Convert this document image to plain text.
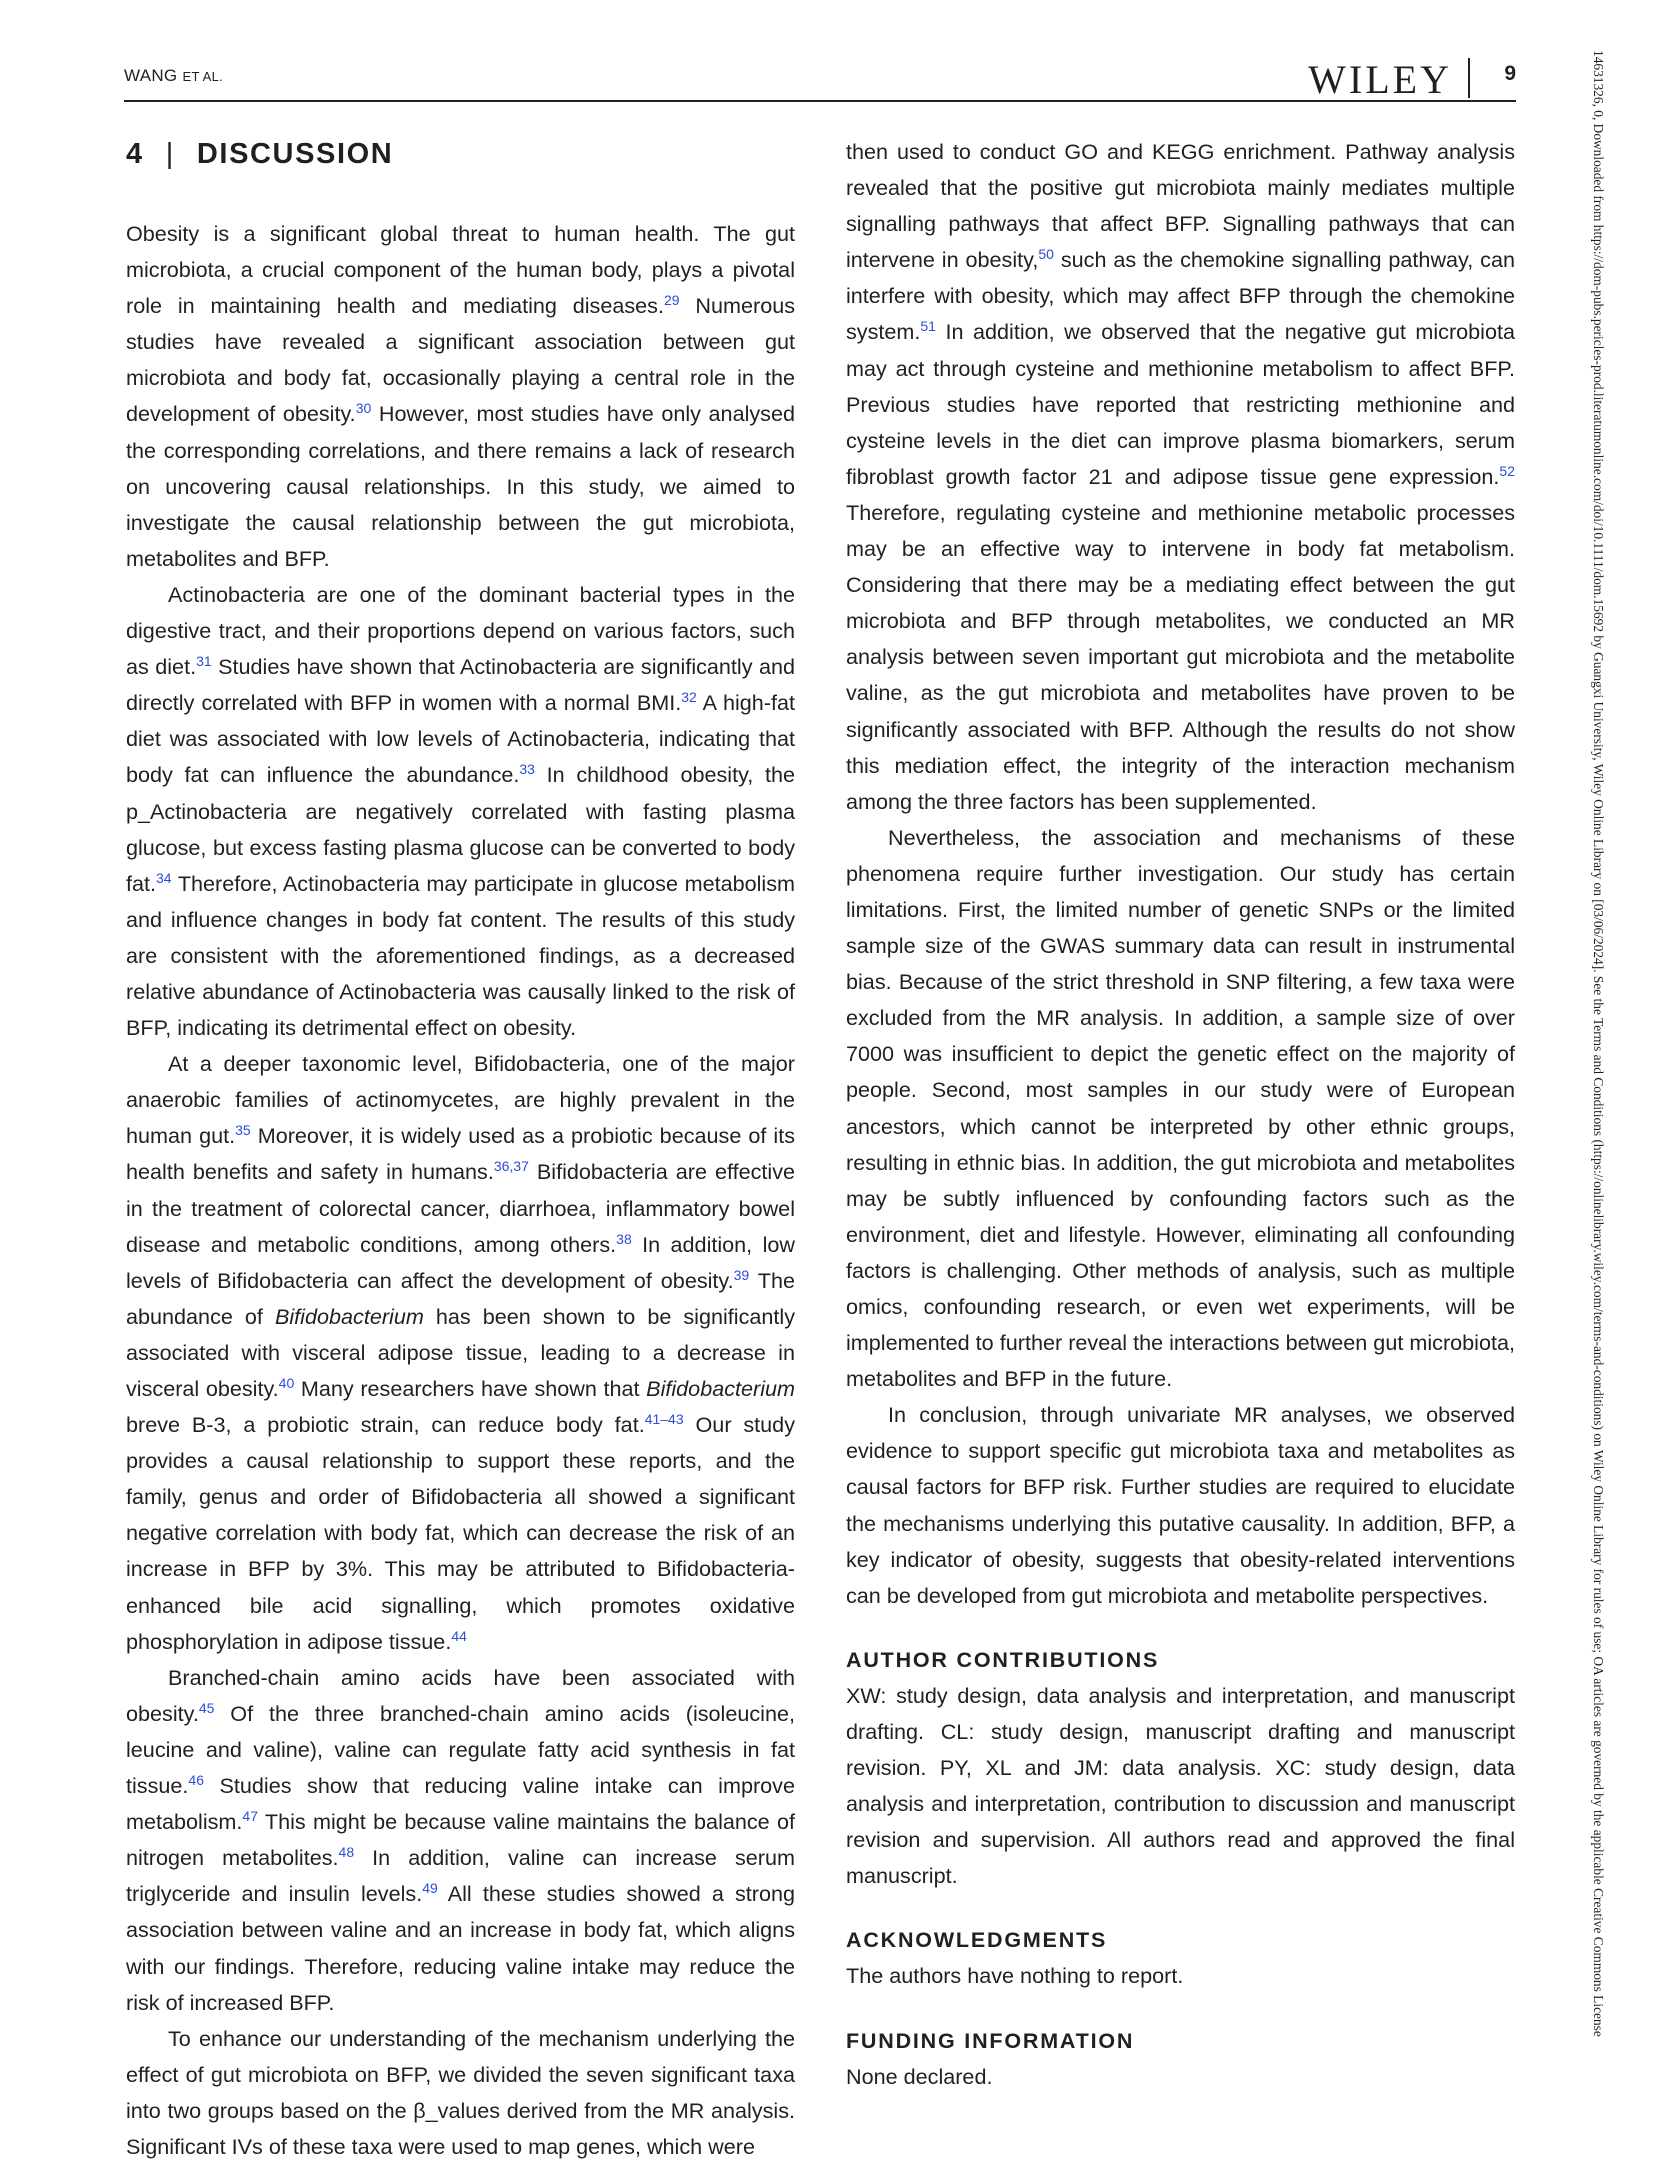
WANG ET AL.	WILEY 9	14631326, 0, Downloaded from https://dom-pubs.pericles-prod.literatumonline.com/doi/10.1111/dom.15692 by Guangxi University, Wiley Online Library on [03/06/2024]. See the Terms and Conditions (https://onlinelibrary.wiley.com/terms-and-conditions) on Wiley Online Library for rules of use; OA articles are governed by the applicable Creative Commons License
4 | DISCUSSION

Obesity is a significant global threat to human health. The gut microbiota, a crucial component of the human body, plays a pivotal role in maintaining health and mediating diseases.$^{29}$ Numerous studies have revealed a significant association between gut microbiota and body fat, occasionally playing a central role in the development of obesity.$^{30}$ However, most studies have only analysed the corresponding correlations, and there remains a lack of research on uncovering causal relationships. In this study, we aimed to investigate the causal relationship between the gut microbiota, metabolites and BFP.

Actinobacteria are one of the dominant bacterial types in the digestive tract, and their proportions depend on various factors, such as diet.$^{31}$ Studies have shown that Actinobacteria are significantly and directly correlated with BFP in women with a normal BMI.$^{32}$ A high-fat diet was associated with low levels of Actinobacteria, indicating that body fat can influence the abundance.$^{33}$ In childhood obesity, the p_Actinobacteria are negatively correlated with fasting plasma glucose, but excess fasting plasma glucose can be converted to body fat.$^{34}$ Therefore, Actinobacteria may participate in glucose metabolism and influence changes in body fat content. The results of this study are consistent with the aforementioned findings, as a decreased relative abundance of Actinobacteria was causally linked to the risk of BFP, indicating its detrimental effect on obesity.

At a deeper taxonomic level, Bifidobacteria, one of the major anaerobic families of actinomycetes, are highly prevalent in the human gut.$^{35}$ Moreover, it is widely used as a probiotic because of its health benefits and safety in humans.$^{36,37}$ Bifidobacteria are effective in the treatment of colorectal cancer, diarrhoea, inflammatory bowel disease and metabolic conditions, among others.$^{38}$ In addition, low levels of Bifidobacteria can affect the development of obesity.$^{39}$ The abundance of Bifidobacterium has been shown to be significantly associated with visceral adipose tissue, leading to a decrease in visceral obesity.$^{40}$ Many researchers have shown that Bifidobacterium breve B-3, a probiotic strain, can reduce body fat.$^{41-43}$ Our study provides a causal relationship to support these reports, and the family, genus and order of Bifidobacteria all showed a significant negative correlation with body fat, which can decrease the risk of an increase in BFP by 3%. This may be attributed to Bifidobacteria-enhanced bile acid signalling, which promotes oxidative phosphorylation in adipose tissue.$^{44}$

Branched-chain amino acids have been associated with obesity.$^{45}$ Of the three branched-chain amino acids (isoleucine, leucine and valine), valine can regulate fatty acid synthesis in fat tissue.$^{46}$ Studies show that reducing valine intake can improve metabolism.$^{47}$ This might be because valine maintains the balance of nitrogen metabolites.$^{48}$ In addition, valine can increase serum triglyceride and insulin levels.$^{49}$ All these studies showed a strong association between valine and an increase in body fat, which aligns with our findings. Therefore, reducing valine intake may reduce the risk of increased BFP.

To enhance our understanding of the mechanism underlying the effect of gut microbiota on BFP, we divided the seven significant taxa into two groups based on the β_values derived from the MR analysis. Significant IVs of these taxa were used to map genes, which were

then used to conduct GO and KEGG enrichment. Pathway analysis revealed that the positive gut microbiota mainly mediates multiple signalling pathways that affect BFP. Signalling pathways that can intervene in obesity,$^{50}$ such as the chemokine signalling pathway, can interfere with obesity, which may affect BFP through the chemokine system.$^{51}$ In addition, we observed that the negative gut microbiota may act through cysteine and methionine metabolism to affect BFP. Previous studies have reported that restricting methionine and cysteine levels in the diet can improve plasma biomarkers, serum fibroblast growth factor 21 and adipose tissue gene expression.$^{52}$ Therefore, regulating cysteine and methionine metabolic processes may be an effective way to intervene in body fat metabolism. Considering that there may be a mediating effect between the gut microbiota and BFP through metabolites, we conducted an MR analysis between seven important gut microbiota and the metabolite valine, as the gut microbiota and metabolites have proven to be significantly associated with BFP. Although the results do not show this mediation effect, the integrity of the interaction mechanism among the three factors has been supplemented.

Nevertheless, the association and mechanisms of these phenomena require further investigation. Our study has certain limitations. First, the limited number of genetic SNPs or the limited sample size of the GWAS summary data can result in instrumental bias. Because of the strict threshold in SNP filtering, a few taxa were excluded from the MR analysis. In addition, a sample size of over 7000 was insufficient to depict the genetic effect on the majority of people. Second, most samples in our study were of European ancestors, which cannot be interpreted by other ethnic groups, resulting in ethnic bias. In addition, the gut microbiota and metabolites may be subtly influenced by confounding factors such as the environment, diet and lifestyle. However, eliminating all confounding factors is challenging. Other methods of analysis, such as multiple omics, confounding research, or even wet experiments, will be implemented to further reveal the interactions between gut microbiota, metabolites and BFP in the future.

In conclusion, through univariate MR analyses, we observed evidence to support specific gut microbiota taxa and metabolites as causal factors for BFP risk. Further studies are required to elucidate the mechanisms underlying this putative causality. In addition, BFP, a key indicator of obesity, suggests that obesity-related interventions can be developed from gut microbiota and metabolite perspectives.

AUTHOR CONTRIBUTIONS

XW: study design, data analysis and interpretation, and manuscript drafting. CL: study design, manuscript drafting and manuscript revision. PY, XL and JM: data analysis. XC: study design, data analysis and interpretation, contribution to discussion and manuscript revision and supervision. All authors read and approved the final manuscript.

ACKNOWLEDGMENTS

The authors have nothing to report.

FUNDING INFORMATION

None declared.
